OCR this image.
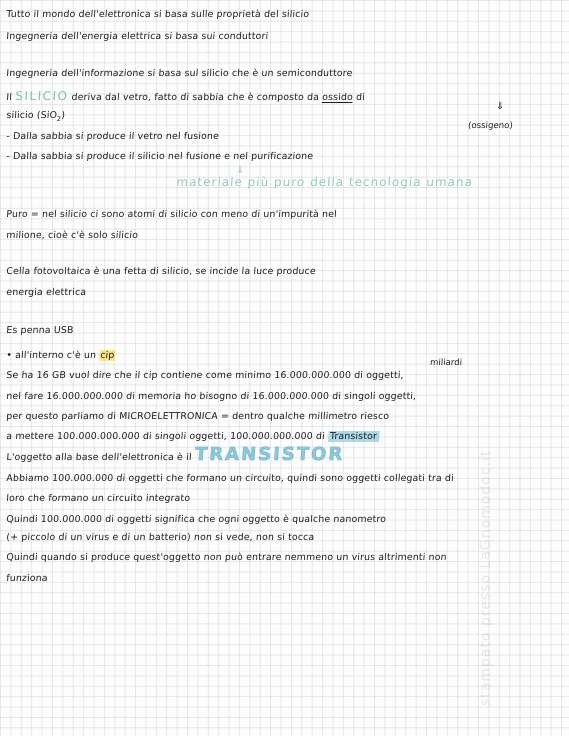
Tutto il mondo dell'elettronica si basa sulle proprietà del silicio
Ingegneria dell'energia elettrica si basa sui conduttori
Ingegneria dell'informazione si basa sul silicio che è un semiconduttore
Il SILICIO deriva dal vetro, fatto di sabbia che è composto da ossido di
⇓
silicio (SiO$_2$)
(ossigeno)
- Dalla sabbia si produce il vetro nel fusione
- Dalla sabbia si produce il silicio nel fusione e nel purificazione
⇓
materiale più puro della tecnologia umana
Puro = nel silicio ci sono atomi di silicio con meno di un'impurità nel
milione, cioè c'è solo silicio
Cella fotovoltaica è una fetta di silicio, se incide la luce produce
energia elettrica
Es penna USB
• all'interno c'è un cip
miliardi
Se ha 16 GB vuol dire che il cip contiene come minimo 16.000.000.000 di oggetti,
nel fare 16.000.000.000 di memoria ho bisogno di 16.000.000.000 di singoli oggetti,
per questo parliamo di MICROELETTRONICA = dentro qualche millimetro riesco
a mettere 100.000.000.000 di singoli oggetti, 100.000.000.000 di Transistor
L'oggetto alla base dell'elettronica è il TRANSISTOR
Abbiamo 100.000.000 di oggetti che formano un circuito, quindi sono oggetti collegati tra di
loro che formano un circuito integrato
Quindi 100.000.000 di oggetti significa che ogni oggetto è qualche nanometro
(+ piccolo di un virus e di un batterio) non si vede, non si tocca
Quindi quando si produce quest'oggetto non può entrare nemmeno un virus altrimenti non
funziona	stampato presso LaGnomodoc.it
